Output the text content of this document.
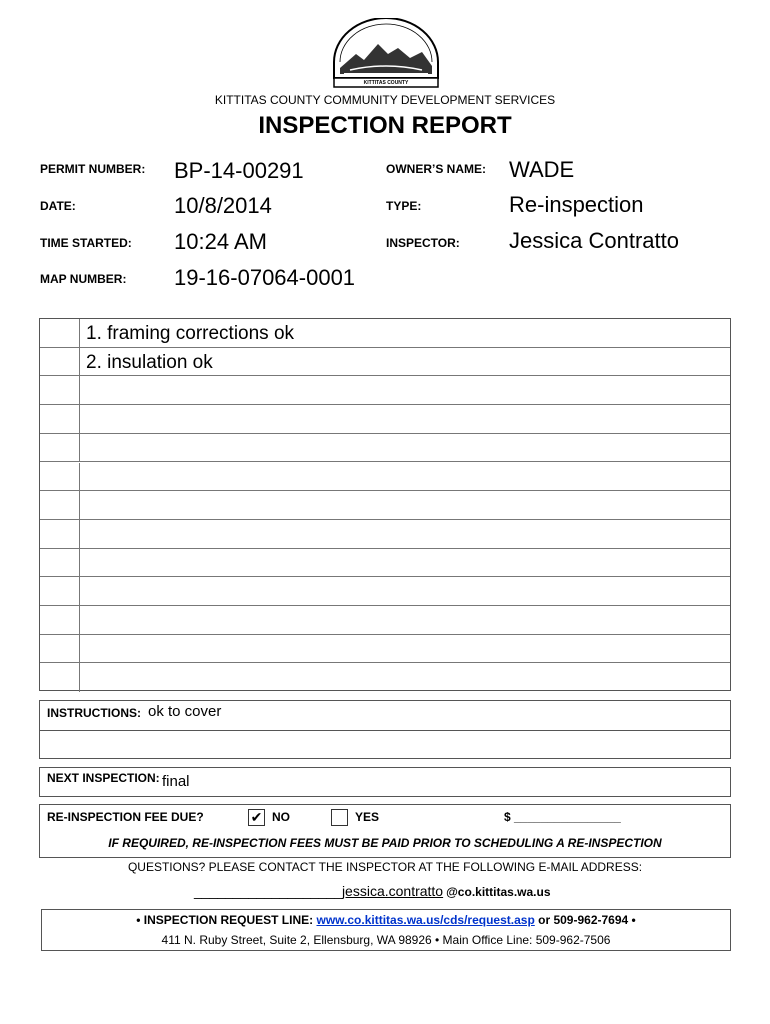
KITTITAS COUNTY
KITTITAS COUNTY COMMUNITY DEVELOPMENT SERVICES
INSPECTION REPORT
PERMIT NUMBER: BP-14-00291
DATE:	10/8/2014
TIME STARTED: 10:24 AM
MAP NUMBER: 19-16-07064-0001
OWNER’S NAME: WADE
TYPE:	Re-inspection
INSPECTOR: Jessica Contratto
1. framing corrections ok
2. insulation ok
INSTRUCTIONS: ok to cover
NEXT INSPECTION: final
RE-INSPECTION FEE DUE?	✔ NO	YES	$ ________________
IF REQUIRED, RE-INSPECTION FEES MUST BE PAID PRIOR TO SCHEDULING A RE-INSPECTION
QUESTIONS? PLEASE CONTACT THE INSPECTOR AT THE FOLLOWING E-MAIL ADDRESS:
___________________jessica.contratto @co.kittitas.wa.us
• INSPECTION REQUEST LINE: www.co.kittitas.wa.us/cds/request.asp or 509-962-7694 •
411 N. Ruby Street, Suite 2, Ellensburg, WA 98926 • Main Office Line: 509-962-7506
